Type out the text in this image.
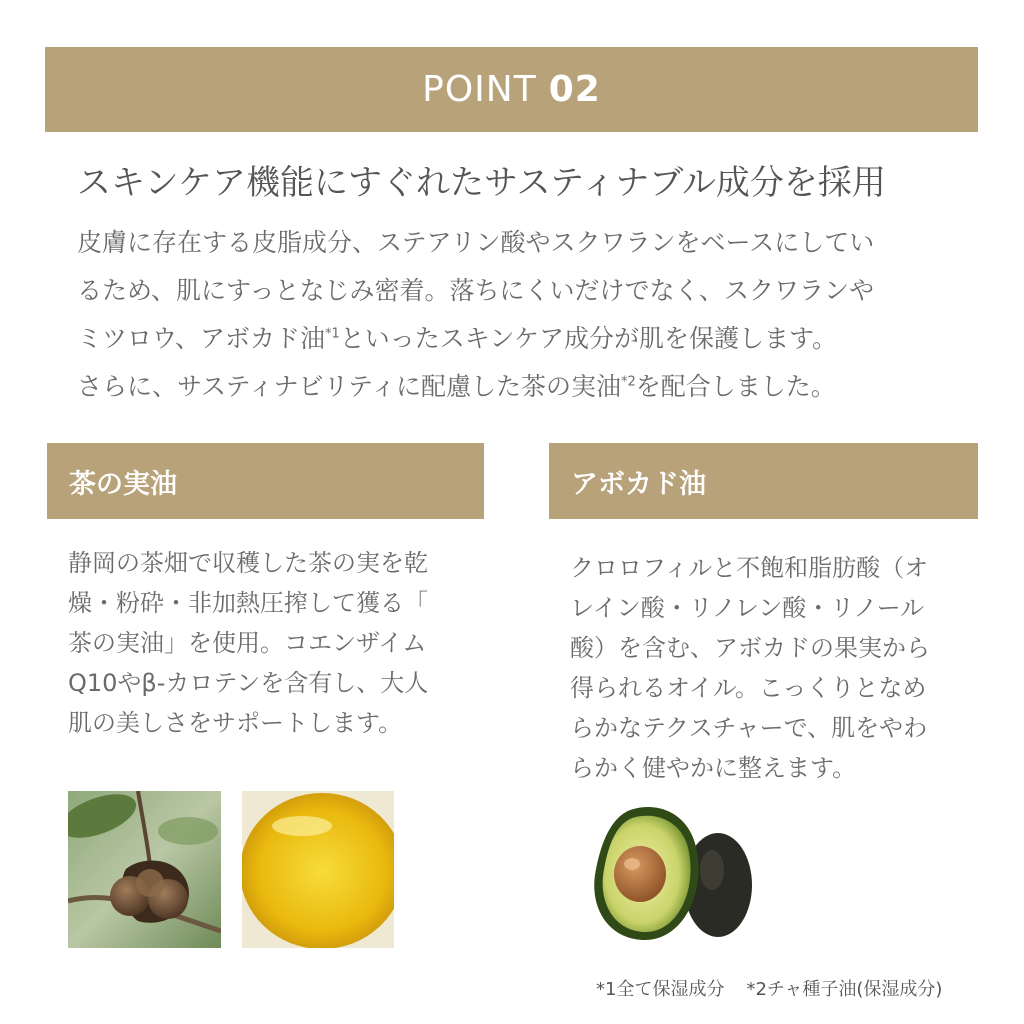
POINT 02
スキンケア機能にすぐれたサスティナブル成分を採用

皮膚に存在する皮脂成分、ステアリン酸やスクワランをベースにしてい

るため、肌にすっとなじみ密着。落ちにくいだけでなく、スクワランや

ミツロウ、アボカド油$^{*1}$といったスキンケア成分が肌を保護します。

さらに、サスティナビリティに配慮した茶の実油$^{*2}$を配合しました。

茶の実油	アボカド油

静岡の茶畑で収穫した茶の実を乾

燥・粉砕・非加熱圧搾して獲る「

茶の実油」を使用。コエンザイム

Q10やβ-カロテンを含有し、大人

肌の美しさをサポートします。

クロロフィルと不飽和脂肪酸（オ

レイン酸・リノレン酸・リノール

酸）を含む、アボカドの果実から

得られるオイル。こっくりとなめ

らかなテクスチャーで、肌をやわ

らかく健やかに整えます。

*1全て保湿成分 *2チャ種子油(保湿成分)
